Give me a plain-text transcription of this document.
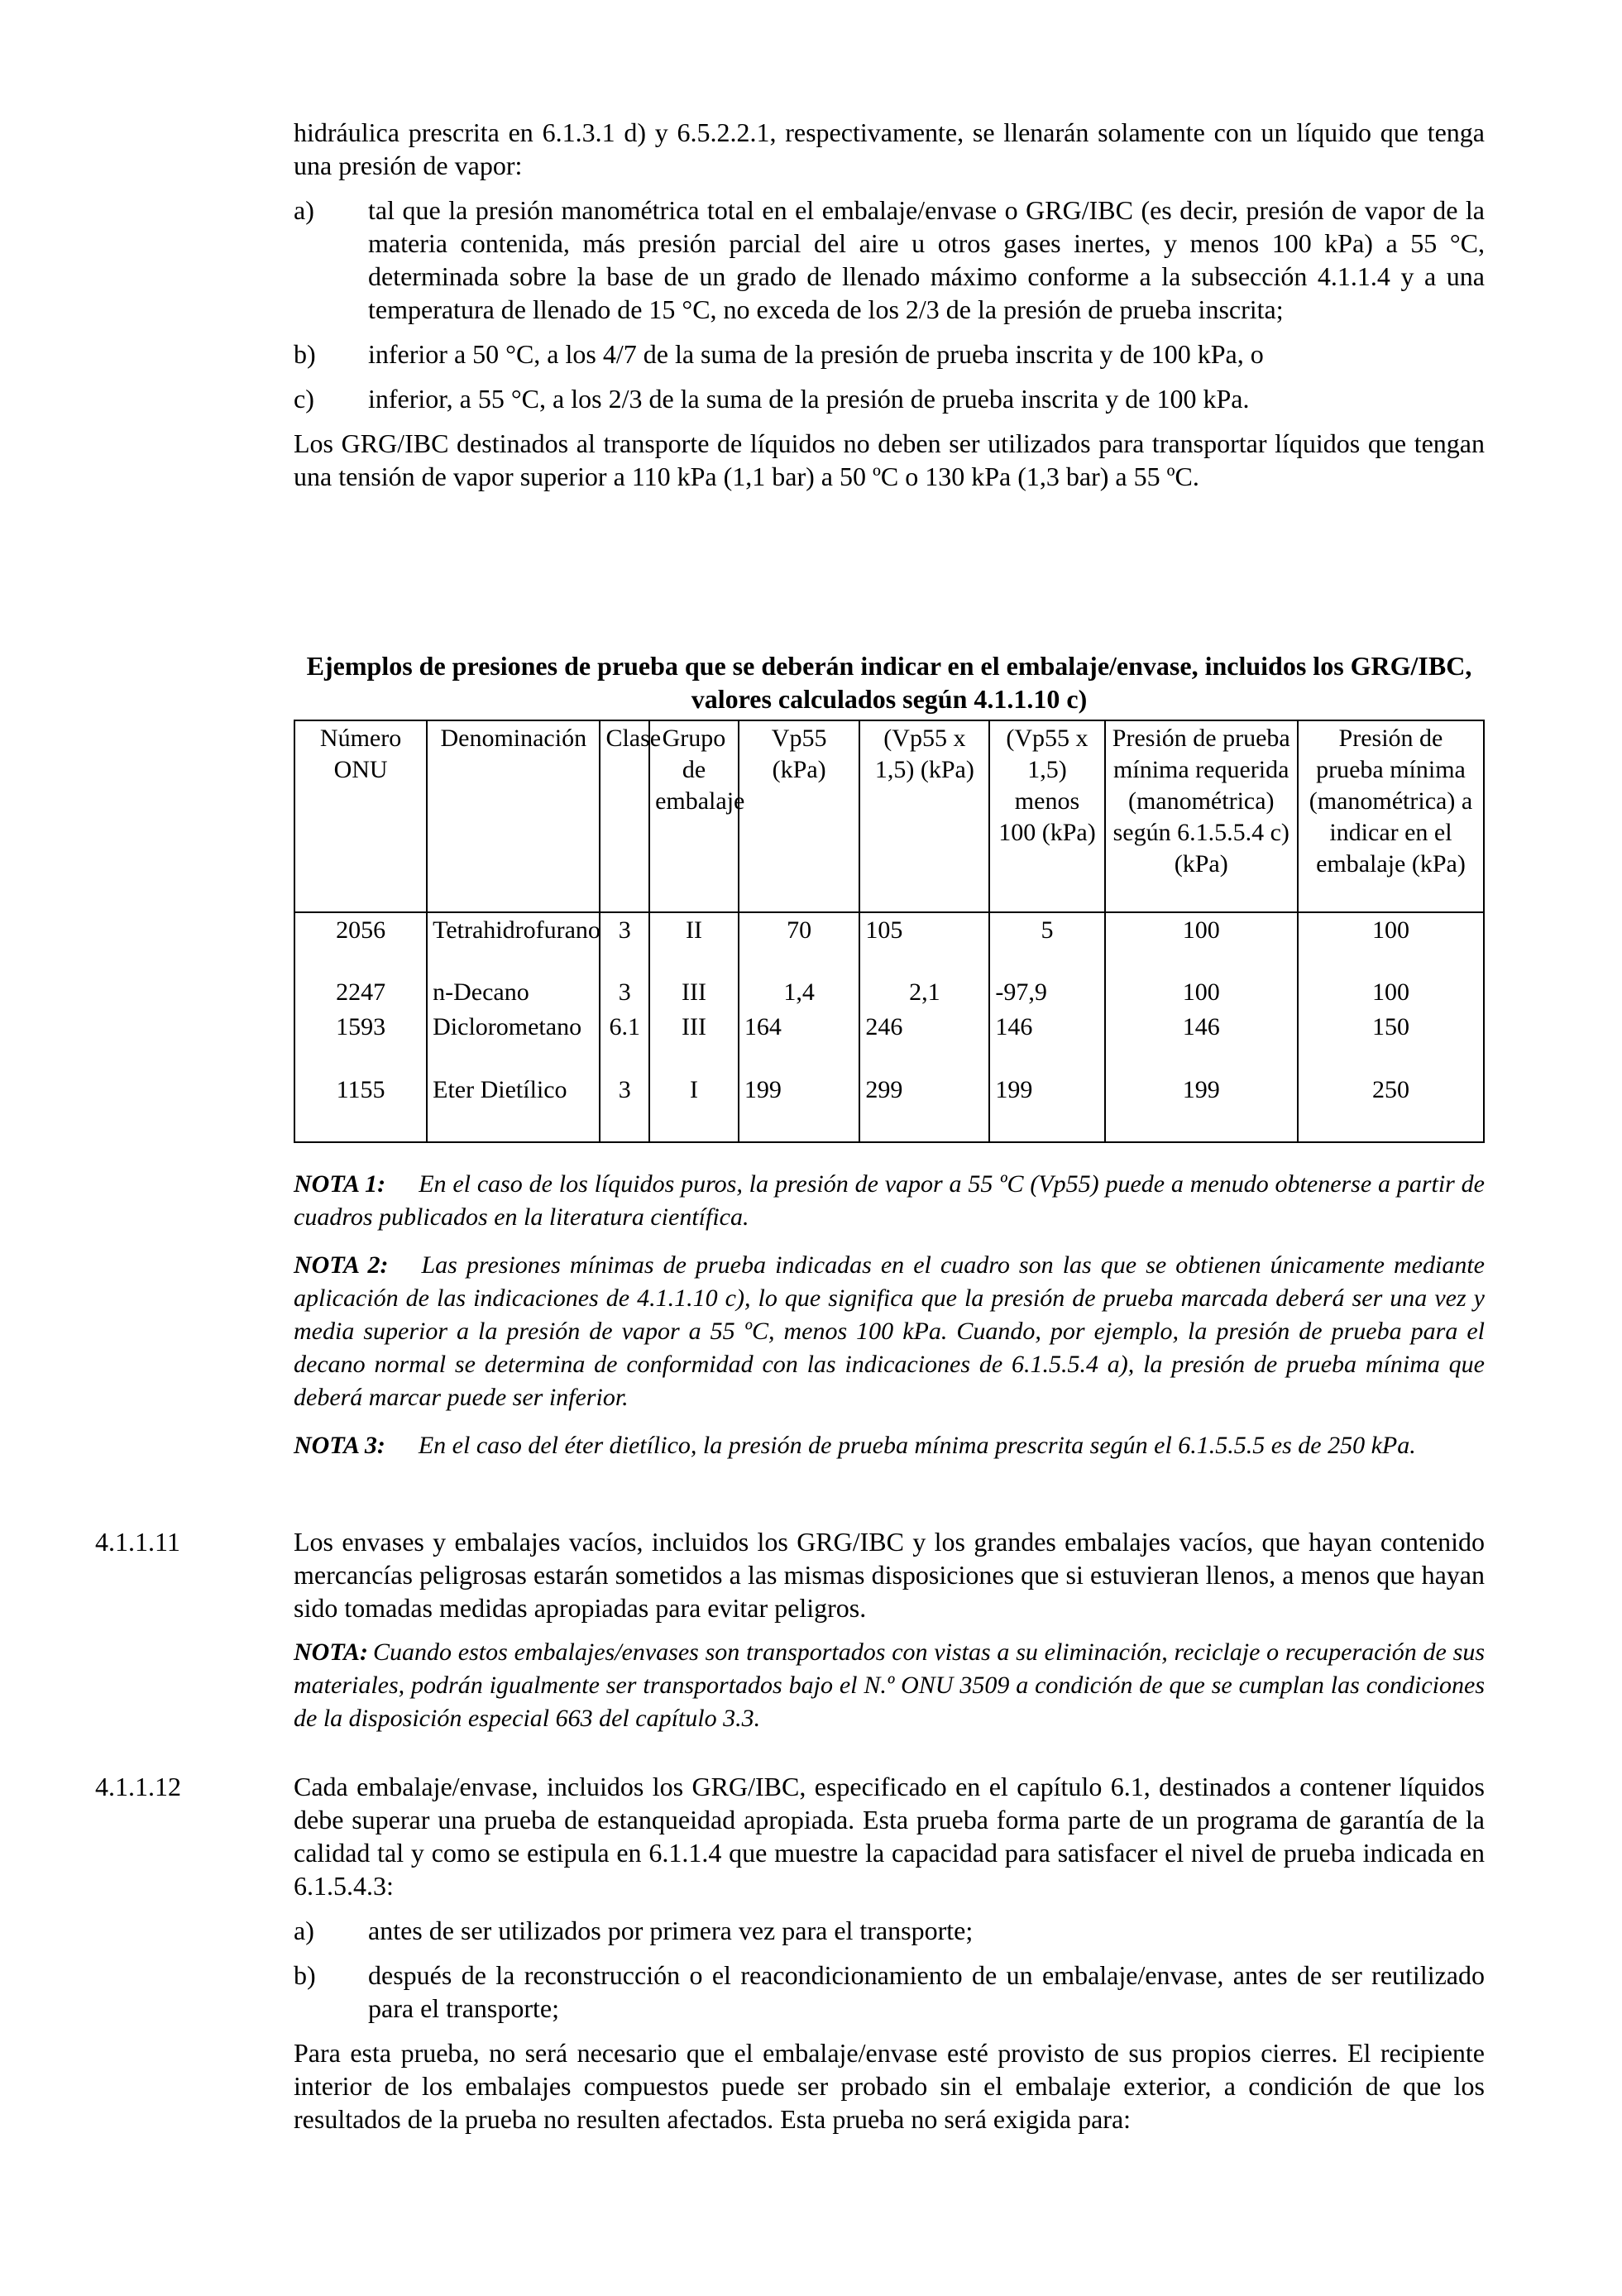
hidráulica prescrita en 6.1.3.1 d) y 6.5.2.2.1, respectivamente, se llenarán solamente con un líquido que tenga una presión de vapor:

a) tal que la presión manométrica total en el embalaje/envase o GRG/IBC (es decir, presión de vapor de la materia contenida, más presión parcial del aire u otros gases inertes, y menos 100 kPa) a 55 °C, determinada sobre la base de un grado de llenado máximo conforme a la subsección 4.1.1.4 y a una temperatura de llenado de 15 °C, no exceda de los 2/3 de la presión de prueba inscrita;

b) inferior a 50 °C, a los 4/7 de la suma de la presión de prueba inscrita y de 100 kPa, o

c) inferior, a 55 °C, a los 2/3 de la suma de la presión de prueba inscrita y de 100 kPa.

Los GRG/IBC destinados al transporte de líquidos no deben ser utilizados para transportar líquidos que tengan una tensión de vapor superior a 110 kPa (1,1 bar) a 50 ºC o 130 kPa (1,3 bar) a 55 ºC.

Ejemplos de presiones de prueba que se deberán indicar en el embalaje/envase, incluidos los GRG/IBC, valores calculados según 4.1.1.10 c)

Número ONU	Denominación	Clase	Grupo de embalaje	Vp55 (kPa)	(Vp55 x 1,5) (kPa)	(Vp55 x 1,5) menos 100 (kPa)	Presión de prueba mínima requerida (manométrica) según 6.1.5.5.4 c) (kPa)	Presión de prueba mínima (manométrica) a indicar en el embalaje (kPa)
2056	Tetrahidrofurano	3	II	70	105	5	100	100
2247	n-Decano	3	III	1,4	2,1	-97,9	100	100
1593	Diclorometano	6.1	III	164	246	146	146	150
1155	Eter Dietílico	3	I	199	299	199	199	250

NOTA 1: En el caso de los líquidos puros, la presión de vapor a 55 ºC (Vp55) puede a menudo obtenerse a partir de cuadros publicados en la literatura científica.

NOTA 2: Las presiones mínimas de prueba indicadas en el cuadro son las que se obtienen únicamente mediante aplicación de las indicaciones de 4.1.1.10 c), lo que significa que la presión de prueba marcada deberá ser una vez y media superior a la presión de vapor a 55 ºC, menos 100 kPa. Cuando, por ejemplo, la presión de prueba para el decano normal se determina de conformidad con las indicaciones de 6.1.5.5.4 a), la presión de prueba mínima que deberá marcar puede ser inferior.

NOTA 3: En el caso del éter dietílico, la presión de prueba mínima prescrita según el 6.1.5.5.5 es de 250 kPa.

4.1.1.11	Los envases y embalajes vacíos, incluidos los GRG/IBC y los grandes embalajes vacíos, que hayan contenido mercancías peligrosas estarán sometidos a las mismas disposiciones que si estuvieran llenos, a menos que hayan sido tomadas medidas apropiadas para evitar peligros.

NOTA: Cuando estos embalajes/envases son transportados con vistas a su eliminación, reciclaje o recuperación de sus materiales, podrán igualmente ser transportados bajo el N.º ONU 3509 a condición de que se cumplan las condiciones de la disposición especial 663 del capítulo 3.3.

4.1.1.12	Cada embalaje/envase, incluidos los GRG/IBC, especificado en el capítulo 6.1, destinados a contener líquidos debe superar una prueba de estanqueidad apropiada. Esta prueba forma parte de un programa de garantía de la calidad tal y como se estipula en 6.1.1.4 que muestre la capacidad para satisfacer el nivel de prueba indicada en 6.1.5.4.3:

a) antes de ser utilizados por primera vez para el transporte;

b) después de la reconstrucción o el reacondicionamiento de un embalaje/envase, antes de ser reutilizado para el transporte;

Para esta prueba, no será necesario que el embalaje/envase esté provisto de sus propios cierres. El recipiente interior de los embalajes compuestos puede ser probado sin el embalaje exterior, a condición de que los resultados de la prueba no resulten afectados. Esta prueba no será exigida para:
